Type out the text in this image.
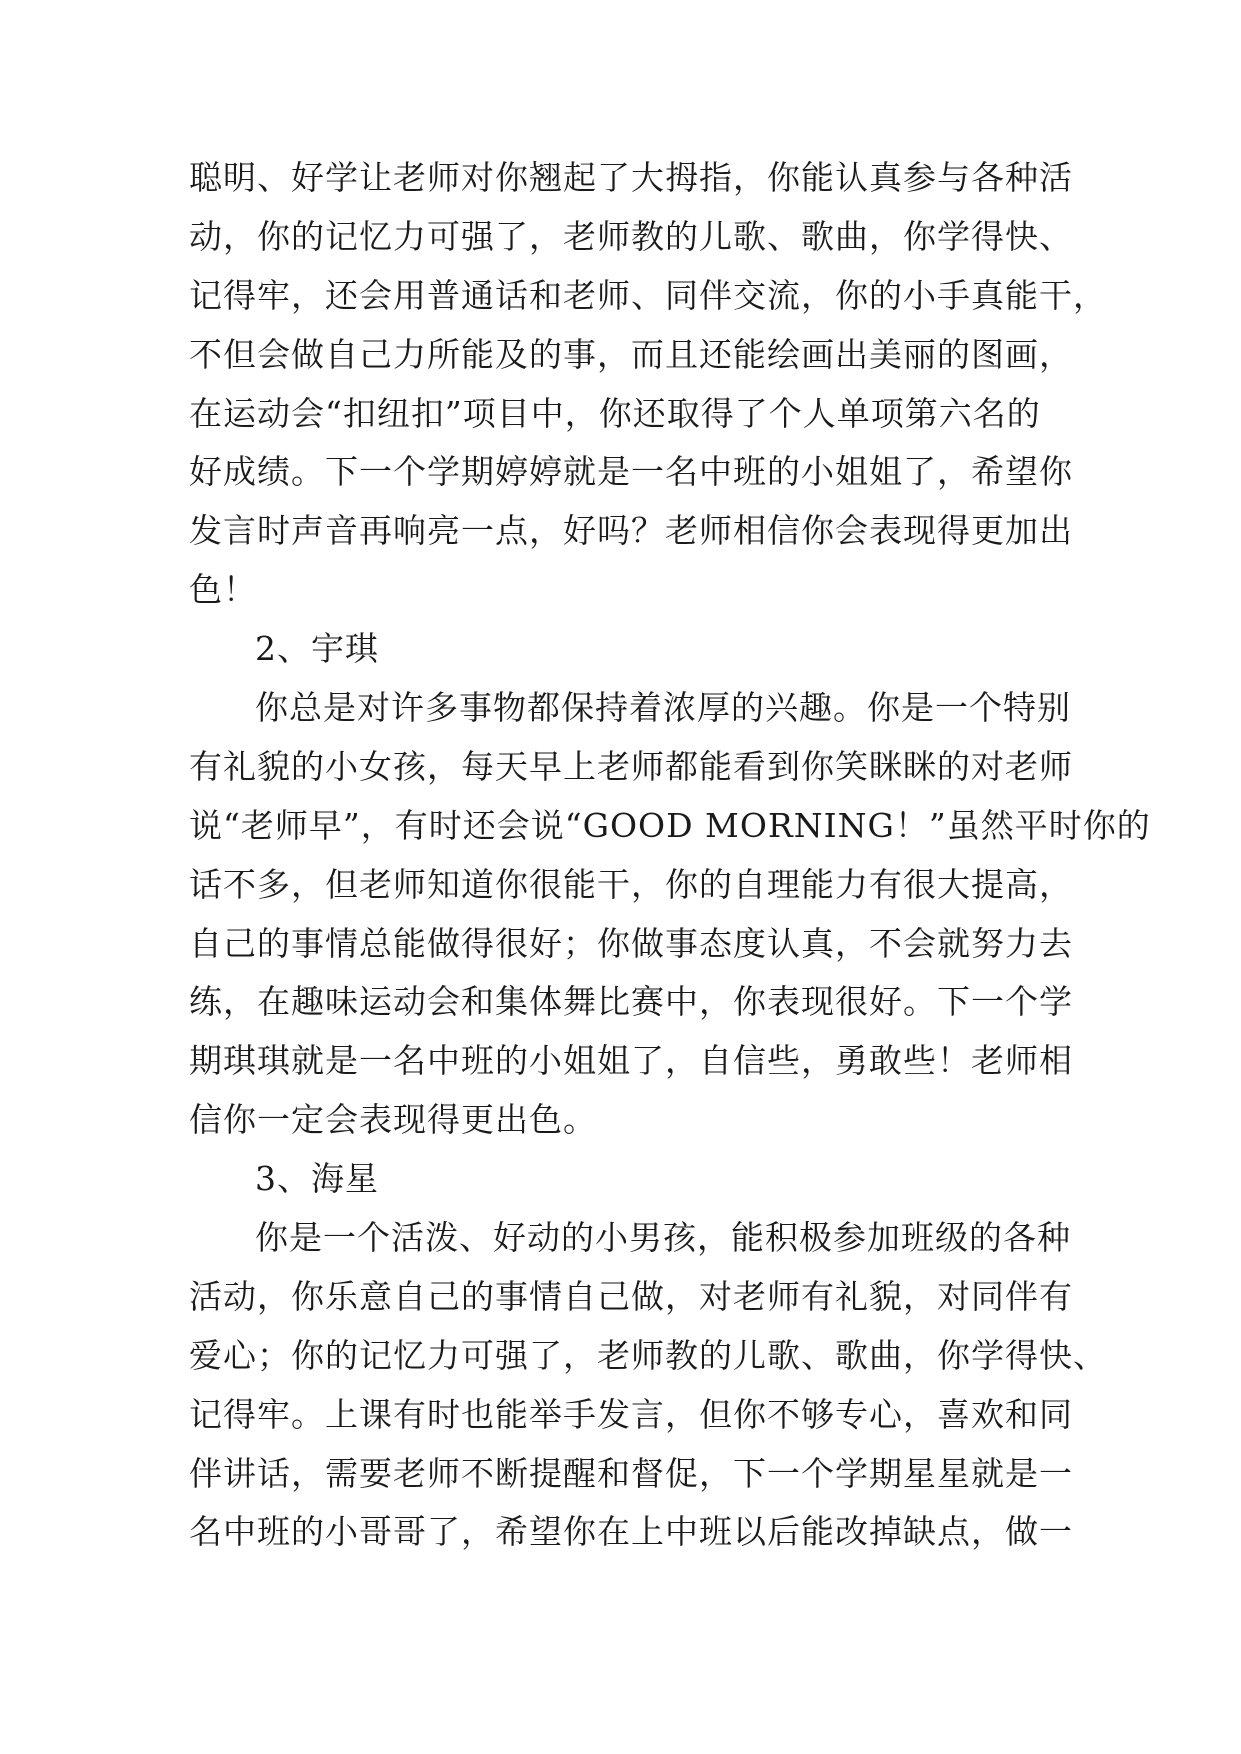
聪明、好学让老师对你翘起了大拇指，你能认真参与各种活
动，你的记忆力可强了，老师教的儿歌、歌曲，你学得快、
记得牢，还会用普通话和老师、同伴交流，你的小手真能干，
不但会做自己力所能及的事，而且还能绘画出美丽的图画，
在运动会“扣纽扣”项目中，你还取得了个人单项第六名的
好成绩。下一个学期婷婷就是一名中班的小姐姐了，希望你
发言时声音再响亮一点，好吗？老师相信你会表现得更加出
色！
2、宇琪
你总是对许多事物都保持着浓厚的兴趣。你是一个特别
有礼貌的小女孩，每天早上老师都能看到你笑眯眯的对老师
说“老师早”，有时还会说“GOOD MORNING！”虽然平时你的
话不多，但老师知道你很能干，你的自理能力有很大提高，
自己的事情总能做得很好；你做事态度认真，不会就努力去
练，在趣味运动会和集体舞比赛中，你表现很好。下一个学
期琪琪就是一名中班的小姐姐了，自信些，勇敢些！老师相
信你一定会表现得更出色。
3、海星
你是一个活泼、好动的小男孩，能积极参加班级的各种
活动，你乐意自己的事情自己做，对老师有礼貌，对同伴有
爱心；你的记忆力可强了，老师教的儿歌、歌曲，你学得快、
记得牢。上课有时也能举手发言，但你不够专心，喜欢和同
伴讲话，需要老师不断提醒和督促，下一个学期星星就是一
名中班的小哥哥了，希望你在上中班以后能改掉缺点，做一
